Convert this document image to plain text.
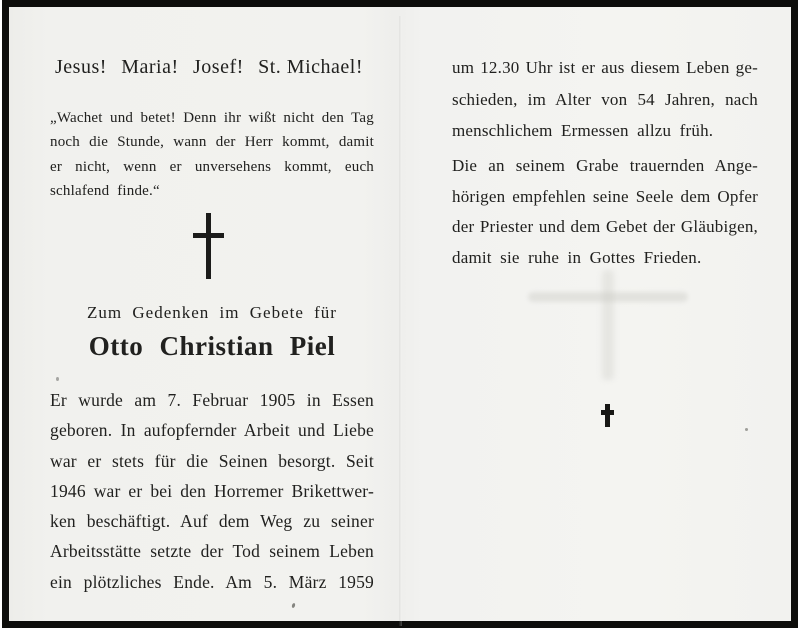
Jesus! Maria! Josef! St. Michael!
„Wachet und betet! Denn ihr wißt nicht den Tag
noch die Stunde, wann der Herr kommt, damit
er nicht, wenn er unversehens kommt, euch
schlafend finde.“
Zum Gedenken im Gebete für
Otto Christian Piel
Er wurde am 7. Februar 1905 in Essen
geboren. In aufopfernder Arbeit und Liebe
war er stets für die Seinen besorgt. Seit
1946 war er bei den Horremer Brikettwer-
ken beschäftigt. Auf dem Weg zu seiner
Arbeitsstätte setzte der Tod seinem Leben
ein plötzliches Ende. Am 5. März 1959
um 12.30 Uhr ist er aus diesem Leben ge-
schieden, im Alter von 54 Jahren, nach
menschlichem Ermessen allzu früh.
Die an seinem Grabe trauernden Ange-
hörigen empfehlen seine Seele dem Opfer
der Priester und dem Gebet der Gläubigen,
damit sie ruhe in Gottes Frieden.
